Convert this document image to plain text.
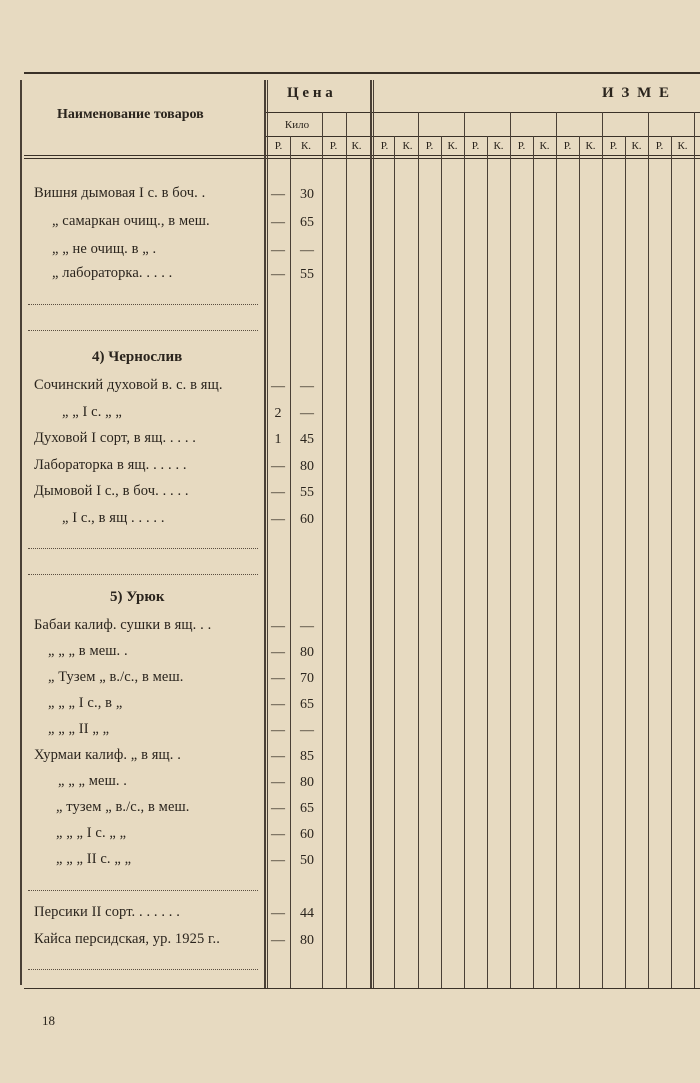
Наименование товаров
Ц е н а	И З М Е
Кило
Р.	К.	Р.	К.	Р.	К.	Р.	К.	Р.	К.	Р.	К.	Р.	К.	Р.	К.	Р.	К.
Вишня дымовая I с. в боч. .	—	30
„ самаркан очищ., в меш.	—	65
„ „ не очищ. в „ .	—	—
„ лабораторка. . . . .	—	55
4) Чернослив
Сочинский духовой в. с. в ящ.	—	—
„ „ I с. „ „	2	—
Духовой I сорт, в ящ. . . . .	1	45
Лабораторка в ящ. . . . . .	—	80
Дымовой I с., в боч. . . . .	—	55
„ I с., в ящ . . . . .	—	60
5) Урюк
Бабаи калиф. сушки в ящ. . .	—	—
„ „ „ в меш. .	—	80
„ Тузем „ в./с., в меш.	—	70
„ „ „ I с., в „	—	65
„ „ „ II „ „	—	—
Хурмаи калиф. „ в ящ. .	—	85
„ „ „ меш. .	—	80
„ тузем „ в./с., в меш.	—	65
„ „ „ I с. „ „	—	60
„ „ „ II с. „ „	—	50
Персики II сорт. . . . . . .	—	44
Кайса персидская, ур. 1925 г..	—	80
18
